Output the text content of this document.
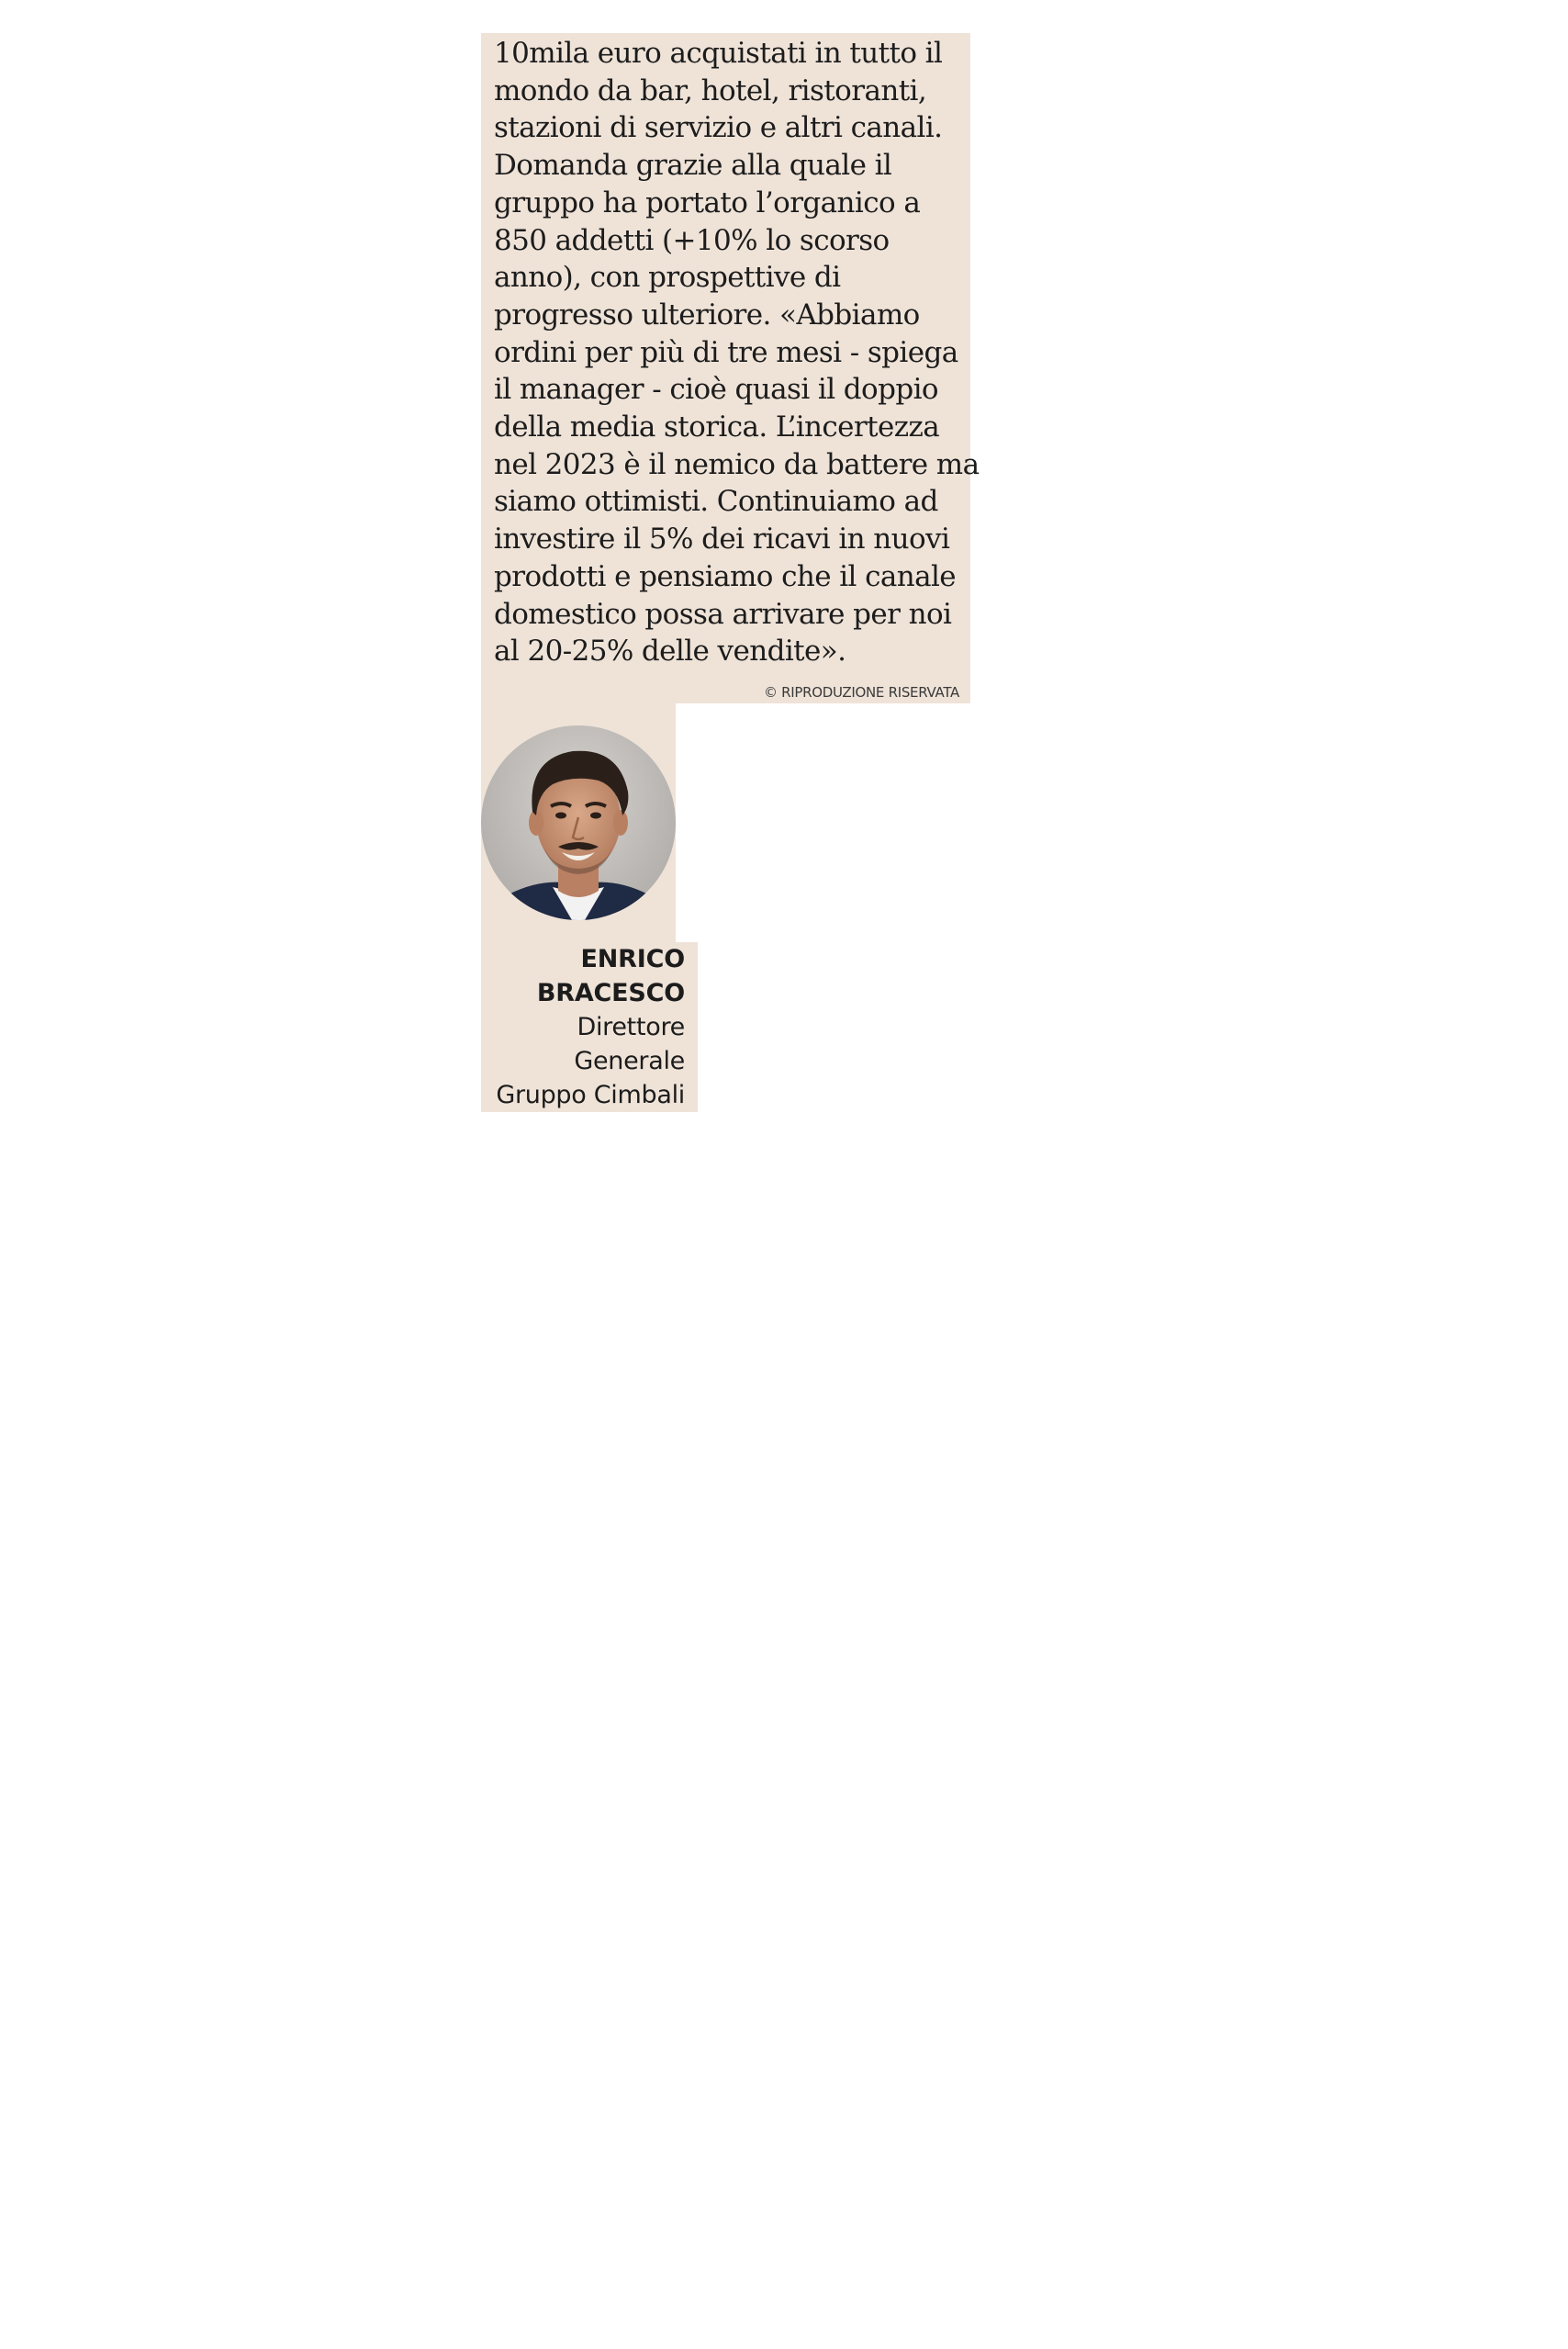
10mila euro acquistati in tutto il
mondo da bar, hotel, ristoranti,
stazioni di servizio e altri canali.
Domanda grazie alla quale il
gruppo ha portato l’organico a
850 addetti (+10% lo scorso
anno), con prospettive di
progresso ulteriore. «Abbiamo
ordini per più di tre mesi - spiega
il manager - cioè quasi il doppio
della media storica. L’incertezza
nel 2023 è il nemico da battere ma
siamo ottimisti. Continuiamo ad
investire il 5% dei ricavi in nuovi
prodotti e pensiamo che il canale
domestico possa arrivare per noi
al 20-25% delle vendite».

© RIPRODUZIONE RISERVATA
ENRICO
BRACESCO
Direttore
Generale
Gruppo Cimbali
